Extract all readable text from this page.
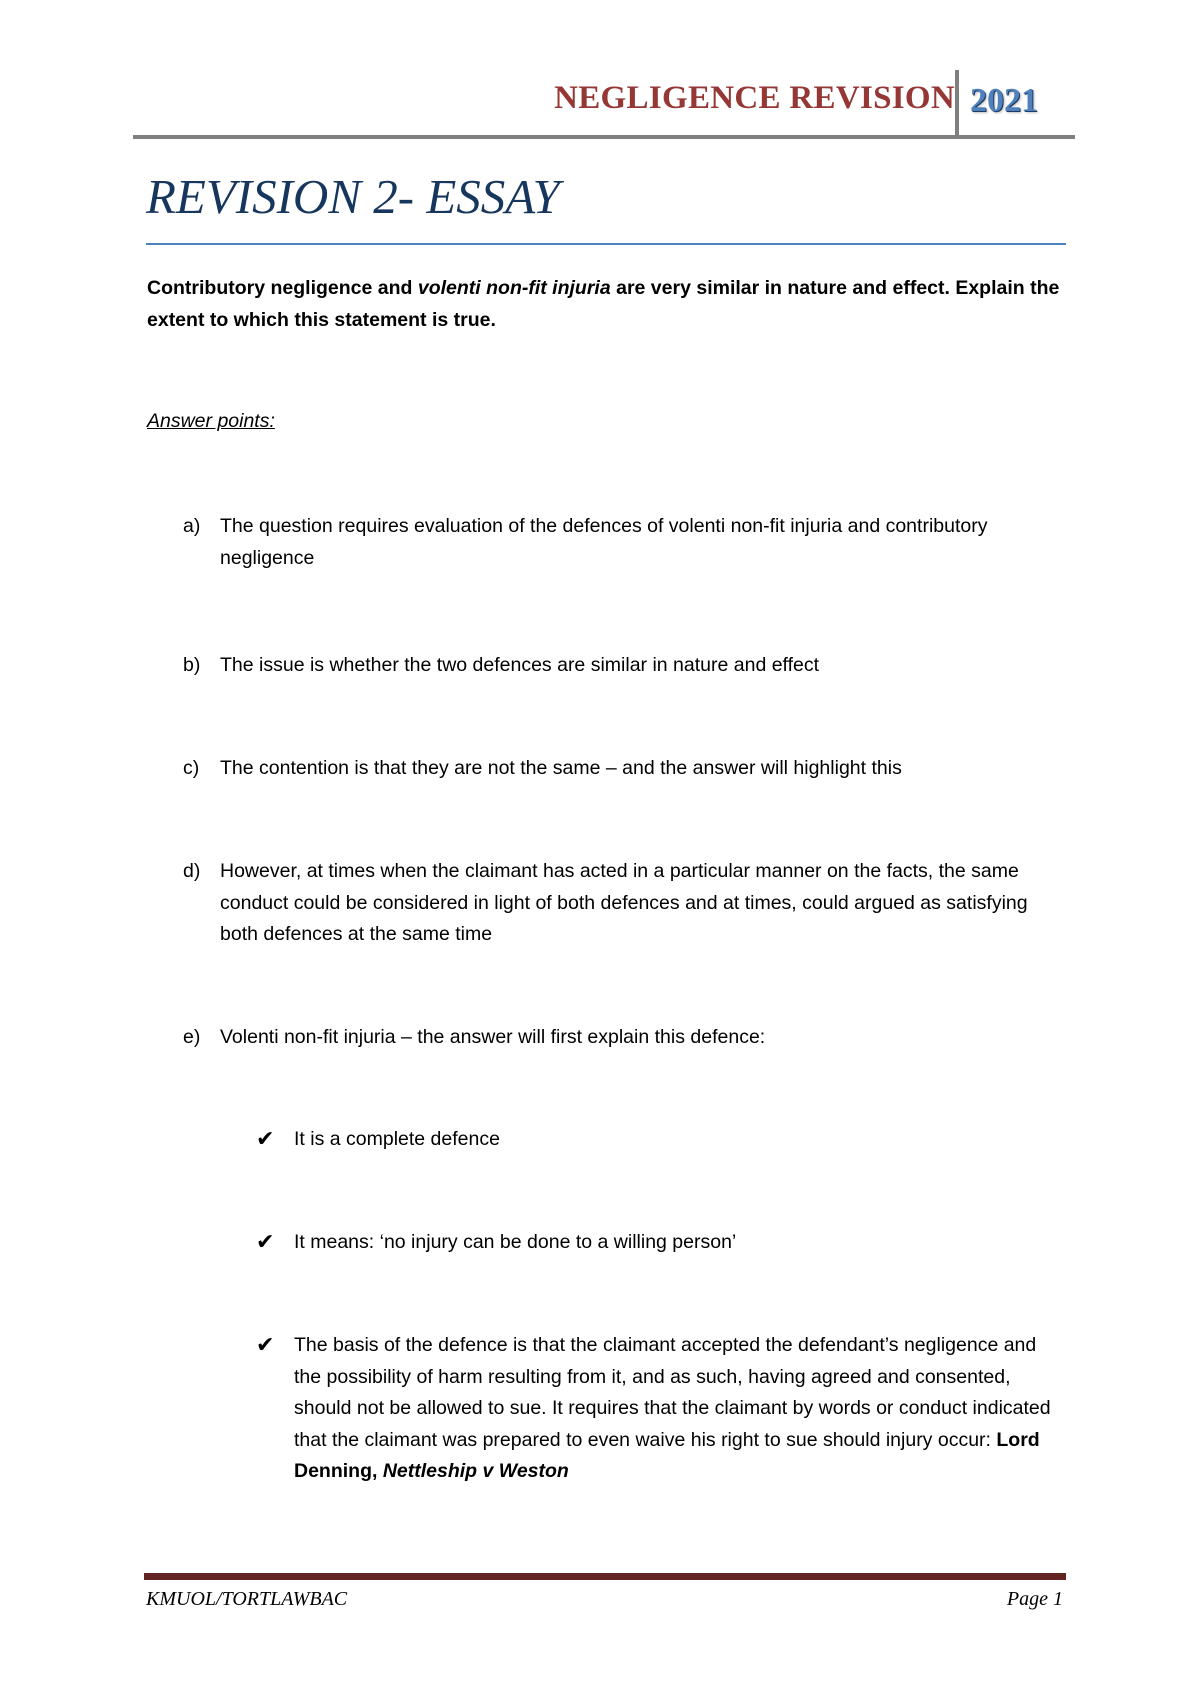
NEGLIGENCE REVISION 2021
REVISION 2- ESSAY
Contributory negligence and volenti non-fit injuria are very similar in nature and effect. Explain the extent to which this statement is true.
Answer points:
a) The question requires evaluation of the defences of volenti non-fit injuria and contributory negligence
b) The issue is whether the two defences are similar in nature and effect
c) The contention is that they are not the same – and the answer will highlight this
d) However, at times when the claimant has acted in a particular manner on the facts, the same conduct could be considered in light of both defences and at times, could argued as satisfying both defences at the same time
e) Volenti non-fit injuria – the answer will first explain this defence:
✔ It is a complete defence
✔ It means: ‘no injury can be done to a willing person’
✔ The basis of the defence is that the claimant accepted the defendant’s negligence and the possibility of harm resulting from it, and as such, having agreed and consented, should not be allowed to sue. It requires that the claimant by words or conduct indicated that the claimant was prepared to even waive his right to sue should injury occur: Lord Denning, Nettleship v Weston
KMUOL/TORTLAWBAC	Page 1
